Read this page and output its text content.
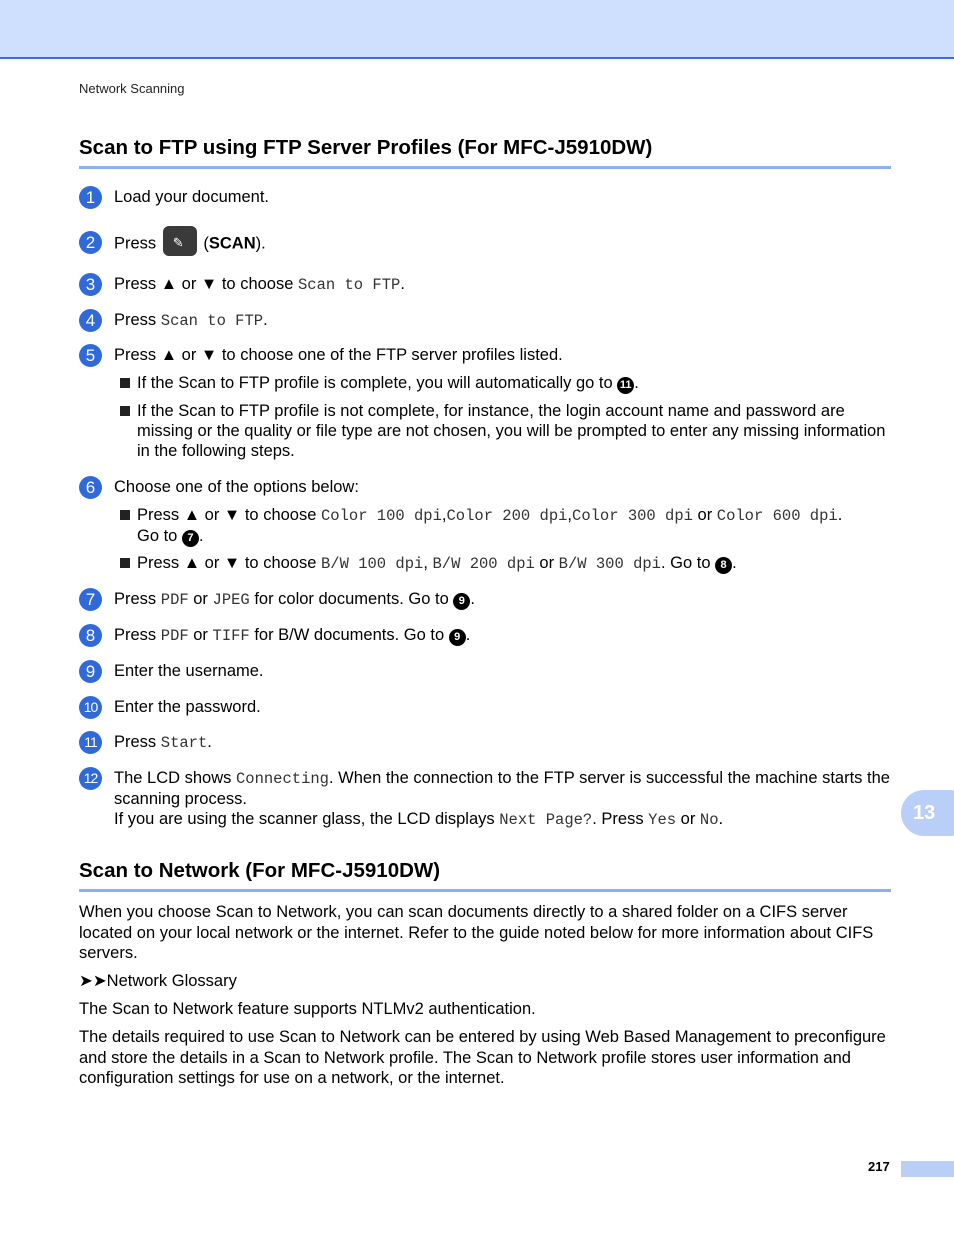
Network Scanning
Scan to FTP using FTP Server Profiles (For MFC-J5910DW)
1	Load your document.
2	Press ✎ (SCAN).
3	Press ▲ or ▼ to choose Scan to FTP.
4	Press Scan to FTP.
5	Press ▲ or ▼ to choose one of the FTP server profiles listed.
If the Scan to FTP profile is complete, you will automatically go to 11 .
If the Scan to FTP profile is not complete, for instance, the login account name and password are missing or the quality or file type are not chosen, you will be prompted to enter any missing information in the following steps.
6	Choose one of the options below:
Press ▲ or ▼ to choose Color 100 dpi,Color 200 dpi,Color 300 dpi or Color 600 dpi.
Go to 7 .
Press ▲ or ▼ to choose B/W 100 dpi, B/W 200 dpi or B/W 300 dpi. Go to 8 .
7	Press PDF or JPEG for color documents. Go to 9 .
8	Press PDF or TIFF for B/W documents. Go to 9 .
9	Enter the username.
10 Enter the password.
11	Press Start.
12 The LCD shows Connecting. When the connection to the FTP server is successful the machine starts the scanning process.
If you are using the scanner glass, the LCD displays Next Page?. Press Yes or No.	13
Scan to Network (For MFC-J5910DW)
When you choose Scan to Network, you can scan documents directly to a shared folder on a CIFS server located on your local network or the internet. Refer to the guide noted below for more information about CIFS servers.
➤➤Network Glossary
The Scan to Network feature supports NTLMv2 authentication.
The details required to use Scan to Network can be entered by using Web Based Management to preconfigure and store the details in a Scan to Network profile. The Scan to Network profile stores user information and configuration settings for use on a network, or the internet.
217
